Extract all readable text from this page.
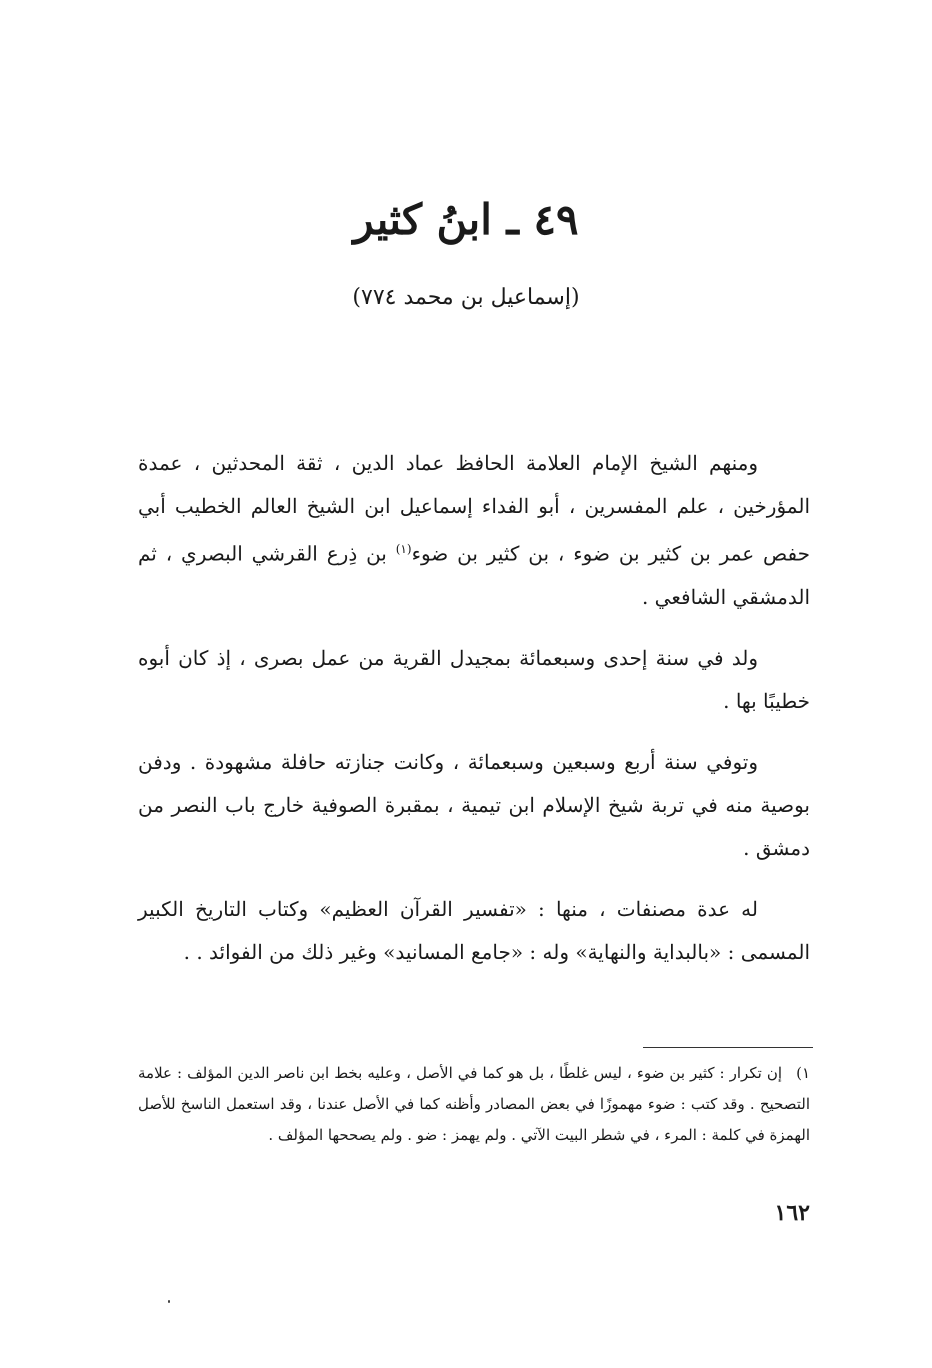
٤٩ ـ ابنُ كثير
(إسماعيل بن محمد ٧٧٤)

ومنهم الشيخ الإمام العلامة الحافظ عماد الدين ، ثقة المحدثين ، عمدة المؤرخين ، علم المفسرين ، أبو الفداء إسماعيل ابن الشيخ العالم الخطيب أبي حفص عمر بن كثير بن ضوء ، بن كثير بن ضوء$^{(١)}$ بن ذِرع القرشي البصري ، ثم الدمشقي الشافعي .

ولد في سنة إحدى وسبعمائة بمجيدل القرية من عمل بصرى ، إذ كان أبوه خطيبًا بها .

وتوفي سنة أربع وسبعين وسبعمائة ، وكانت جنازته حافلة مشهودة . ودفن بوصية منه في تربة شيخ الإسلام ابن تيمية ، بمقبرة الصوفية خارج باب النصر من دمشق .

له عدة مصنفات ، منها : «تفسير القرآن العظيم» وكتاب التاريخ الكبير المسمى : «بالبداية والنهاية» وله : «جامع المسانيد» وغير ذلك من الفوائد . .

١)إن تكرار : كثير بن ضوء ، ليس غلطًا ، بل هو كما في الأصل ، وعليه بخط ابن ناصر الدين المؤلف : علامة التصحيح . وقد كتب : ضوء مهموزًا في بعض المصادر وأظنه كما في الأصل عندنا ، وقد استعمل الناسخ للأصل الهمزة في كلمة : المرء ، في شطر البيت الآتي . ولم يهمز : ضو . ولم يصححها المؤلف .
١٦٢
